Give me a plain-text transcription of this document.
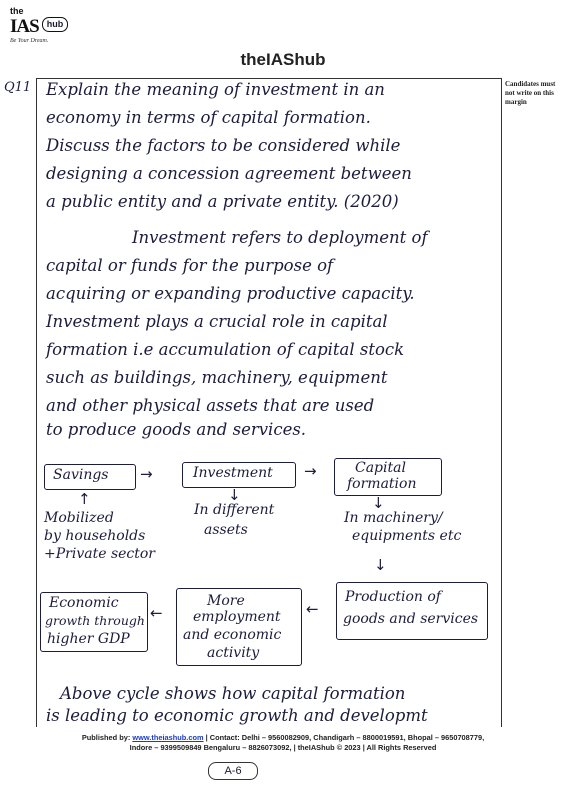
the
IAS hub
Be Your Dream.
theIAShub
Candidates must not write on this margin
Q11 Explain the meaning of investment in an
economy in terms of capital formation.
Discuss the factors to be considered while
designing a concession agreement between
a public entity and a private entity. (2020)
Investment refers to deployment of
capital or funds for the purpose of
acquiring or expanding productive capacity.
Investment plays a crucial role in capital
formation i.e accumulation of capital stock
such as buildings, machinery, equipment
and other physical assets that are used
to produce goods and services.
Savings →	Investment →	Capital
formation
↑
Mobilized
by households
+Private sector
↓
In different
assets
↓
In machinery/
equipments etc
↓
Production of
goods and services
←
More
employment
and economic
activity
←
Economic
growth through
higher GDP
Above cycle shows how capital formation
is leading to economic growth and developmt
Published by: www.theiashub.com | Contact: Delhi – 9560082909, Chandigarh – 8800019591, Bhopal – 9650708779,
Indore – 9399509849 Bengaluru – 8826073092, | theIAShub © 2023 | All Rights Reserved
A-6
